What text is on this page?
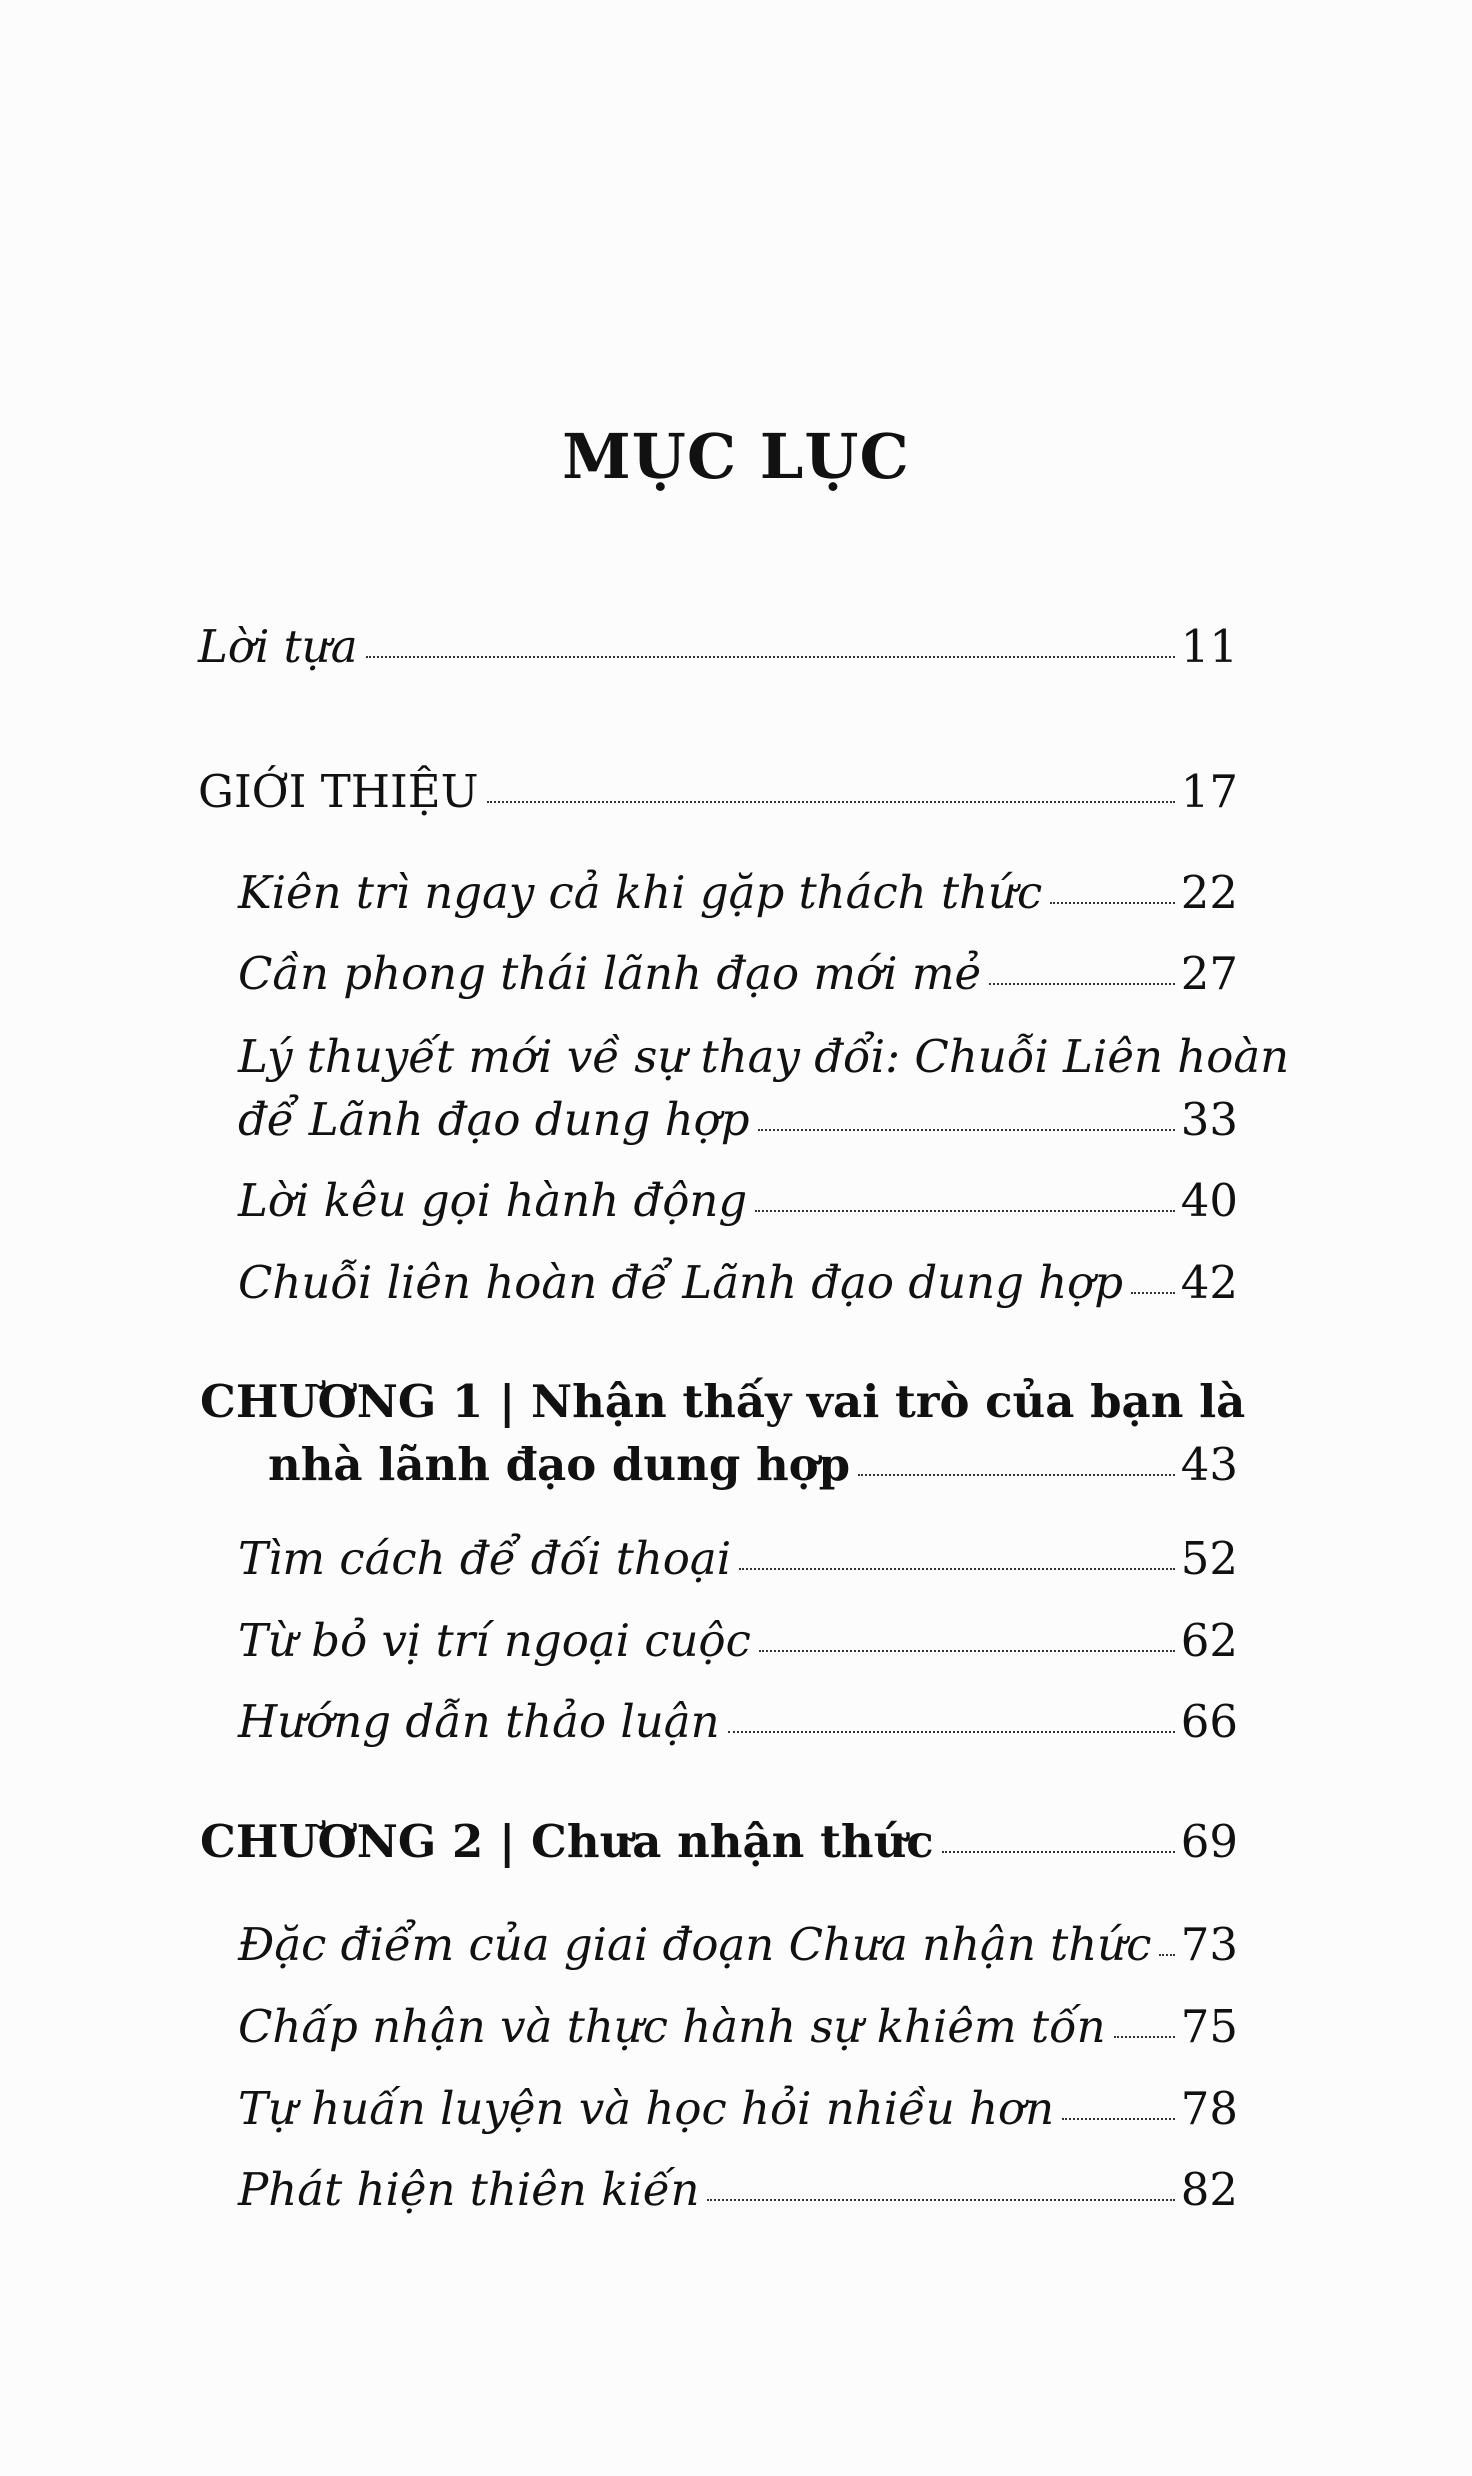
MỤC LỤC
Lời tựa	11
GIỚI THIỆU	17
Kiên trì ngay cả khi gặp thách thức	22
Cần phong thái lãnh đạo mới mẻ	27
Lý thuyết mới về sự thay đổi: Chuỗi Liên hoàn
để Lãnh đạo dung hợp	33
Lời kêu gọi hành động	40
Chuỗi liên hoàn để Lãnh đạo dung hợp 42
CHƯƠNG 1 | Nhận thấy vai trò của bạn là
nhà lãnh đạo dung hợp	43
Tìm cách để đối thoại	52
Từ bỏ vị trí ngoại cuộc	62
Hướng dẫn thảo luận	66
CHƯƠNG 2 | Chưa nhận thức	69
Đặc điểm của giai đoạn Chưa nhận thức 73
Chấp nhận và thực hành sự khiêm tốn 75
Tự huấn luyện và học hỏi nhiều hơn	78
Phát hiện thiên kiến	82
